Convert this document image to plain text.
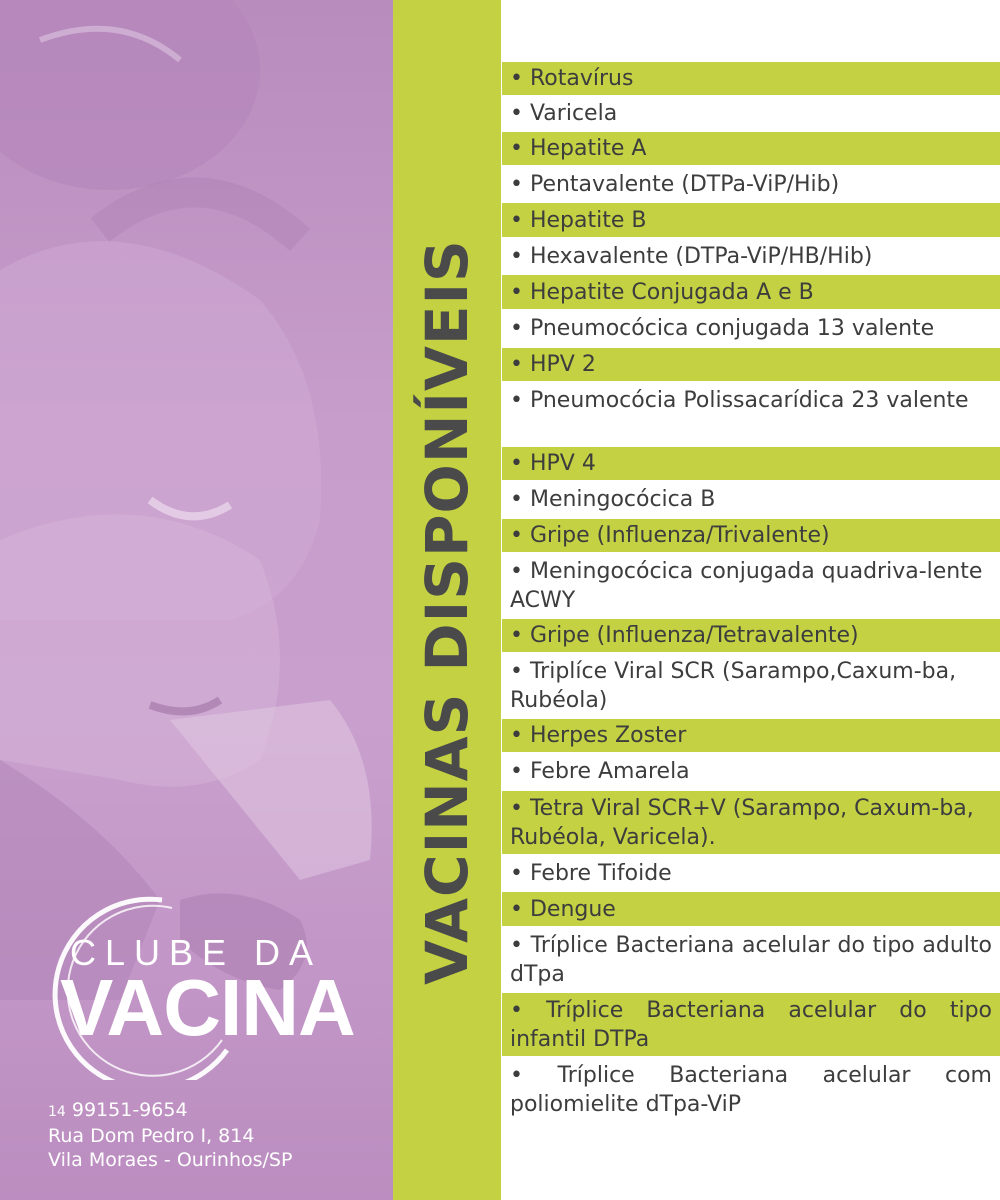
CLUBE DA
VACINA
14 99151-9654
Rua Dom Pedro I, 814
Vila Moraes - Ourinhos/SP
VACINAS DISPONÍVEIS
• Rotavírus
• Varicela
• Hepatite A
• Pentavalente (DTPa-ViP/Hib)
• Hepatite B
• Hexavalente (DTPa-ViP/HB/Hib)
• Hepatite Conjugada A e B
• Pneumocócica conjugada 13 valente
• HPV 2
• Pneumocócia Polissacarídica 23 valente
• HPV 4
• Meningocócica B
• Gripe (Influenza/Trivalente)
• Meningocócica conjugada quadriva-lente ACWY
• Gripe (Influenza/Tetravalente)
• Triplíce Viral SCR (Sarampo,Caxum-ba, Rubéola)
• Herpes Zoster
• Febre Amarela
• Tetra Viral SCR+V (Sarampo, Caxum-ba, Rubéola, Varicela).
• Febre Tifoide
• Dengue
• Tríplice Bacteriana acelular do tipo adulto dTpa
• Tríplice Bacteriana acelular do tipo infantil DTPa
• Tríplice Bacteriana acelular com poliomielite dTpa-ViP
